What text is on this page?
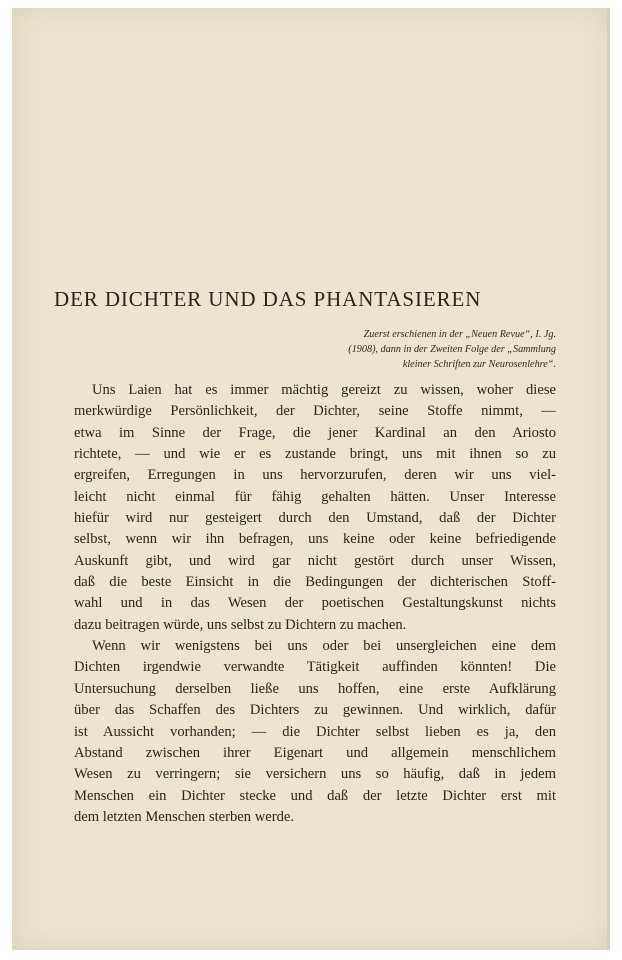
DER DICHTER UND DAS PHANTASIEREN
Zuerst erschienen in der „Neuen Revue“, I. Jg.
(1908), dann in der Zweiten Folge der „Sammlung
kleiner Schriften zur Neurosenlehre“.
Uns Laien hat es immer mächtig gereizt zu wissen, woher diese
merkwürdige Persönlichkeit, der Dichter, seine Stoffe nimmt, —
etwa im Sinne der Frage, die jener Kardinal an den Ariosto
richtete, — und wie er es zustande bringt, uns mit ihnen so zu
ergreifen, Erregungen in uns hervorzurufen, deren wir uns viel-
leicht nicht einmal für fähig gehalten hätten. Unser Interesse
hiefür wird nur gesteigert durch den Umstand, daß der Dichter
selbst, wenn wir ihn befragen, uns keine oder keine befriedigende
Auskunft gibt, und wird gar nicht gestört durch unser Wissen,
daß die beste Einsicht in die Bedingungen der dichterischen Stoff-
wahl und in das Wesen der poetischen Gestaltungskunst nichts
dazu beitragen würde, uns selbst zu Dichtern zu machen.
Wenn wir wenigstens bei uns oder bei unsergleichen eine dem
Dichten irgendwie verwandte Tätigkeit auffinden könnten! Die
Untersuchung derselben ließe uns hoffen, eine erste Aufklärung
über das Schaffen des Dichters zu gewinnen. Und wirklich, dafür
ist Aussicht vorhanden; — die Dichter selbst lieben es ja, den
Abstand zwischen ihrer Eigenart und allgemein menschlichem
Wesen zu verringern; sie versichern uns so häufig, daß in jedem
Menschen ein Dichter stecke und daß der letzte Dichter erst mit
dem letzten Menschen sterben werde.
